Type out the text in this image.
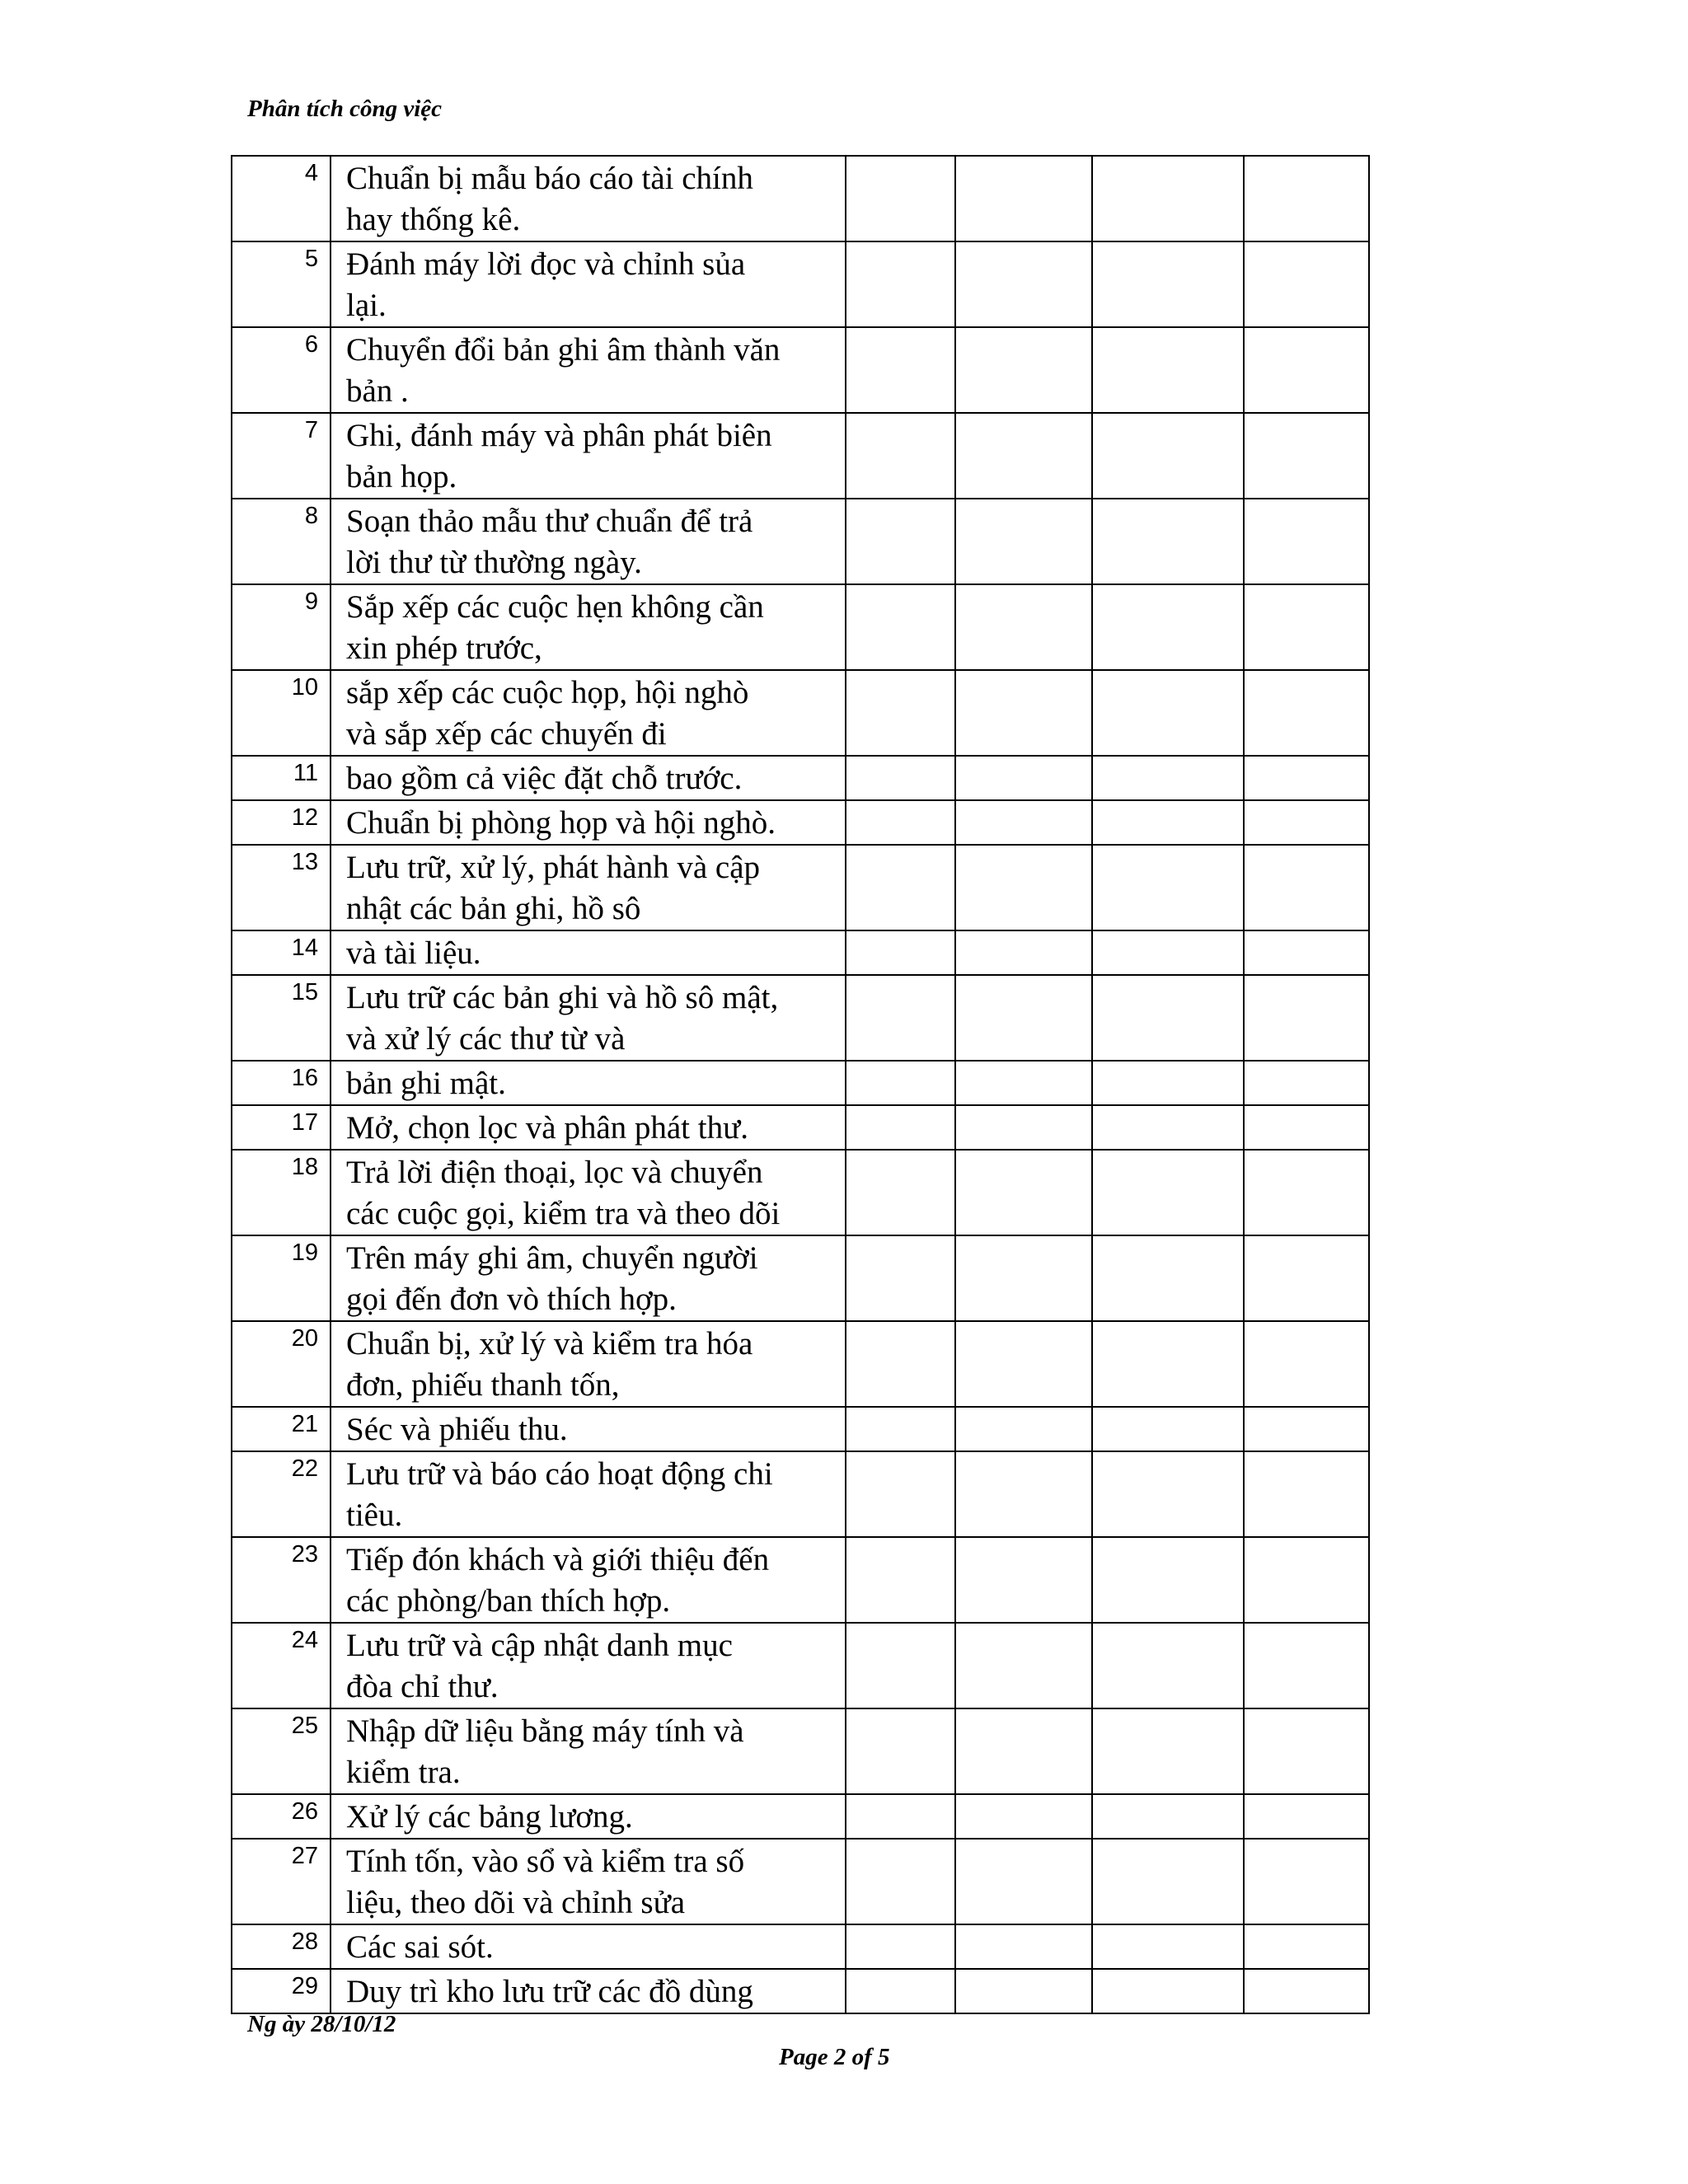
Phân tích công việc
4	Chuẩn bị mẫu báo cáo tài chính
hay thống kê.				
5	Đánh máy lời đọc và chỉnh sủa
lại.				
6	Chuyển đổi bản ghi âm thành văn
bản .				
7	Ghi, đánh máy và phân phát biên
bản họp.				
8	Soạn thảo mẫu thư chuẩn để trả
lời thư từ thường ngày.				
9	Sắp xếp các cuộc hẹn không cần
xin phép trước,				
10	sắp xếp các cuộc họp, hội nghò
và sắp xếp các chuyến đi				
11	bao gồm cả việc đặt chỗ trước.				
12	Chuẩn bị phòng họp và hội nghò.				
13	Lưu trữ, xử lý, phát hành và cập
nhật các bản ghi, hồ sô				
14	và tài liệu.				
15	Lưu trữ các bản ghi và hồ sô mật,
và xử lý các thư từ và				
16	bản ghi mật.				
17	Mở, chọn lọc và phân phát thư.				
18	Trả lời điện thoại, lọc và chuyển
các cuộc gọi, kiểm tra và theo dõi				
19	Trên máy ghi âm, chuyển người
gọi đến đơn vò thích hợp.				
20	Chuẩn bị, xử lý và kiểm tra hóa
đơn, phiếu thanh tốn,				
21	Séc và phiếu thu.				
22	Lưu trữ và báo cáo hoạt động chi
tiêu.				
23	Tiếp đón khách và giới thiệu đến
các phòng/ban thích hợp.				
24	Lưu trữ và cập nhật danh mục
đòa chỉ thư.				
25	Nhập dữ liệu bằng máy tính và
kiểm tra.				
26	Xử lý các bảng lương.				
27	Tính tốn, vào sổ và kiểm tra số
liệu, theo dõi và chỉnh sửa				
28	Các sai sót.				
29	Duy trì kho lưu trữ các đồ dùng				
Ng ày 28/10/12
Page 2 of 5
